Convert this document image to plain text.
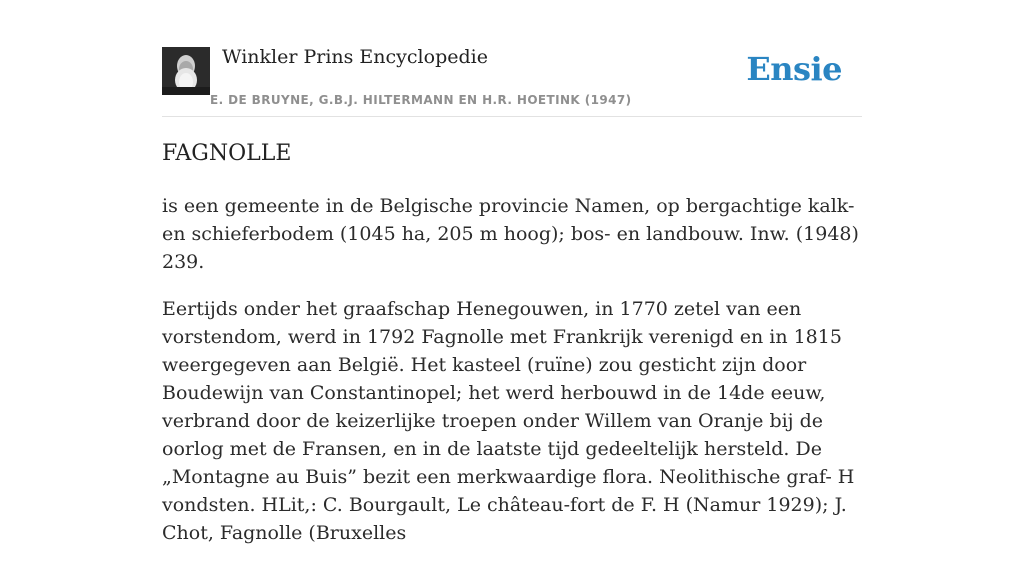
Winkler Prins Encyclopedie
E. DE BRUYNE, G.B.J. HILTERMANN EN H.R. HOETINK (1947)
Ensie
FAGNOLLE

is een gemeente in de Belgische provincie Namen, op bergachtige kalk- en schieferbodem (1045 ha, 205 m hoog); bos- en landbouw. Inw. (1948) 239.

Eertijds onder het graafschap Henegouwen, in 1770 zetel van een vorstendom, werd in 1792 Fagnolle met Frankrijk verenigd en in 1815 weergegeven aan België. Het kasteel (ruïne) zou gesticht zijn door Boudewijn van Constantinopel; het werd herbouwd in de 14de eeuw, verbrand door de keizerlijke troepen onder Willem van Oranje bij de oorlog met de Fransen, en in de laatste tijd gedeeltelijk hersteld. De „Montagne au Buis” bezit een merkwaardige flora. Neolithische graf- H vondsten. HLit,: C. Bourgault, Le château-fort de F. H (Namur 1929); J. Chot, Fagnolle (Bruxelles
